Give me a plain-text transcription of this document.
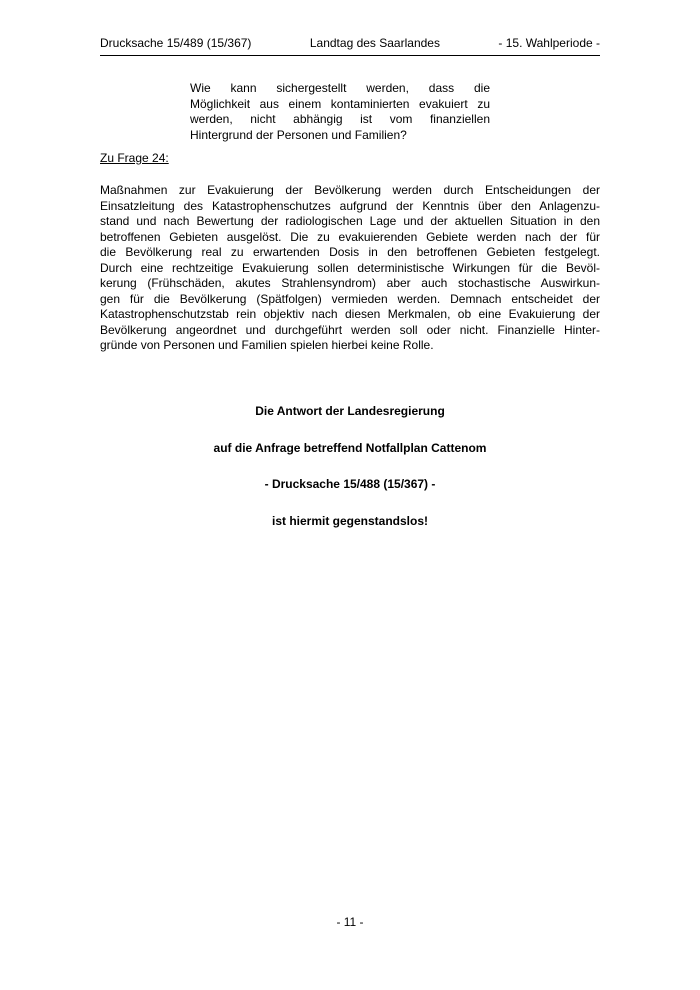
Drucksache 15/489 (15/367)	Landtag des Saarlandes	- 15. Wahlperiode -
Wie kann sichergestellt werden, dass die
Möglichkeit aus einem kontaminierten evakuiert zu
werden, nicht abhängig ist vom finanziellen
Hintergrund der Personen und Familien?
Zu Frage 24:
Maßnahmen zur Evakuierung der Bevölkerung werden durch Entscheidungen der
Einsatzleitung des Katastrophenschutzes aufgrund der Kenntnis über den Anlagenzu-
stand und nach Bewertung der radiologischen Lage und der aktuellen Situation in den
betroffenen Gebieten ausgelöst. Die zu evakuierenden Gebiete werden nach der für
die Bevölkerung real zu erwartenden Dosis in den betroffenen Gebieten festgelegt.
Durch eine rechtzeitige Evakuierung sollen deterministische Wirkungen für die Bevöl-
kerung (Frühschäden, akutes Strahlensyndrom) aber auch stochastische Auswirkun-
gen für die Bevölkerung (Spätfolgen) vermieden werden. Demnach entscheidet der
Katastrophenschutzstab rein objektiv nach diesen Merkmalen, ob eine Evakuierung der
Bevölkerung angeordnet und durchgeführt werden soll oder nicht. Finanzielle Hinter-
gründe von Personen und Familien spielen hierbei keine Rolle.
Die Antwort der Landesregierung
auf die Anfrage betreffend Notfallplan Cattenom
- Drucksache 15/488 (15/367) -
ist hiermit gegenstandslos!
- 11 -
